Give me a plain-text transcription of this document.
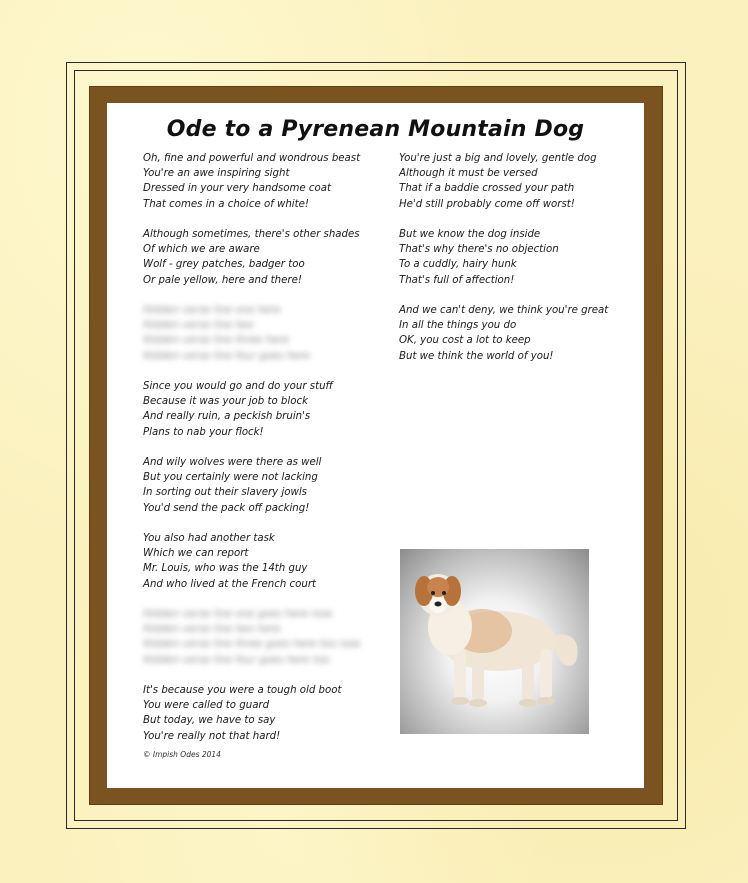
Ode to a Pyrenean Mountain Dog
Oh, fine and powerful and wondrous beast
You're an awe inspiring sight
Dressed in your very handsome coat
That comes in a choice of white!
Although sometimes, there's other shades
Of which we are aware
Wolf - grey patches, badger too
Or pale yellow, here and there!
Hidden verse line one here
Hidden verse line two
Hidden verse line three here
Hidden verse line four goes here
Since you would go and do your stuff
Because it was your job to block
And really ruin, a peckish bruin's
Plans to nab your flock!
And wily wolves were there as well
But you certainly were not lacking
In sorting out their slavery jowls
You'd send the pack off packing!
You also had another task
Which we can report
Mr. Louis, who was the 14th guy
And who lived at the French court
Hidden verse line one goes here now
Hidden verse line two here
Hidden verse line three goes here too now
Hidden verse line four goes here too
It's because you were a tough old boot
You were called to guard
But today, we have to say
You're really not that hard!
You're just a big and lovely, gentle dog
Although it must be versed
That if a baddie crossed your path
He'd still probably come off worst!
But we know the dog inside
That's why there's no objection
To a cuddly, hairy hunk
That's full of affection!
And we can't deny, we think you're great
In all the things you do
OK, you cost a lot to keep
But we think the world of you!
© Impish Odes 2014
